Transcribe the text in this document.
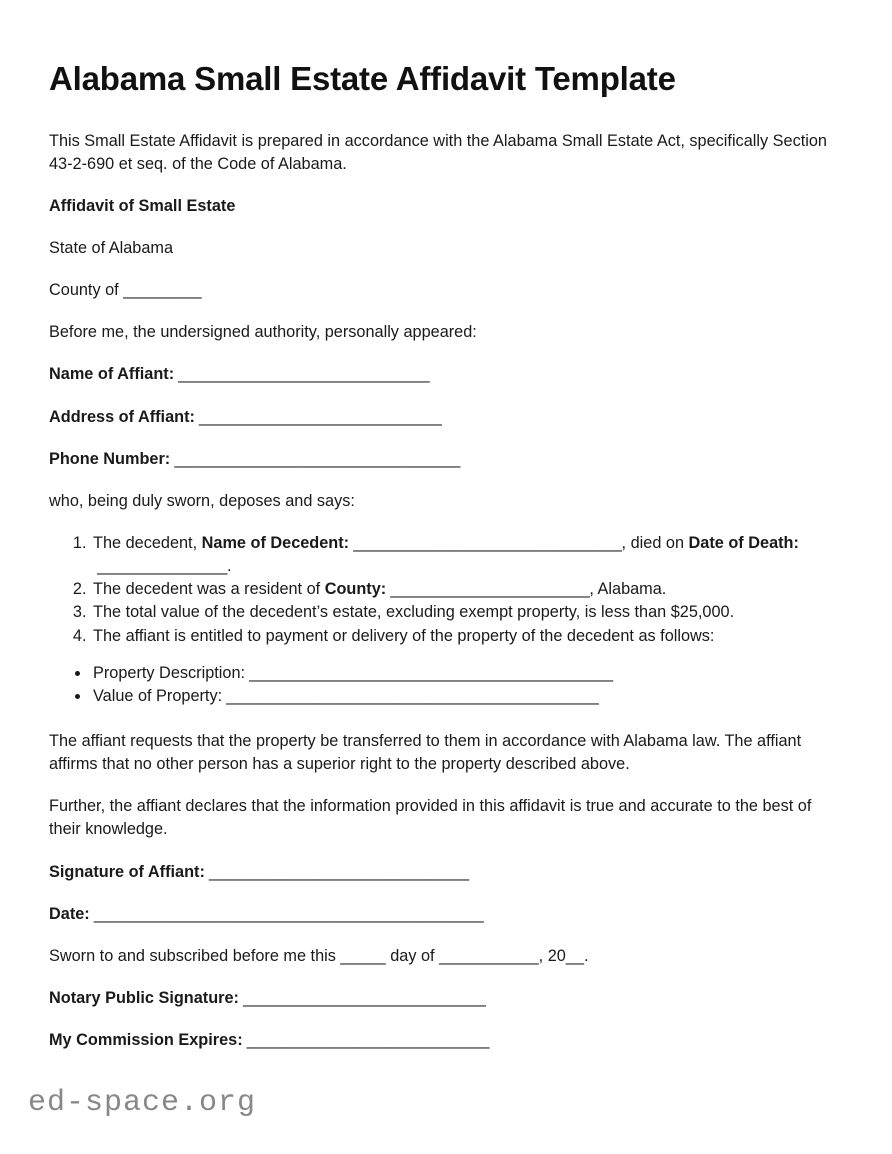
Alabama Small Estate Affidavit Template

This Small Estate Affidavit is prepared in accordance with the Alabama Small Estate Act, specifically Section 43-2-690 et seq. of the Code of Alabama.

Affidavit of Small Estate

State of Alabama

County of _________

Before me, the undersigned authority, personally appeared:

Name of Affiant: _____________________________

Address of Affiant: ____________________________

Phone Number: _________________________________

who, being duly sworn, deposes and says:

1. The decedent, Name of Decedent: _______________________________, died on Date of Death: _______________.
2. The decedent was a resident of County: _______________________, Alabama.
3. The total value of the decedent’s estate, excluding exempt property, is less than $25,000.
4. The affiant is entitled to payment or delivery of the property of the decedent as follows:
• Property Description: __________________________________________
• Value of Property: ___________________________________________

The affiant requests that the property be transferred to them in accordance with Alabama law. The affiant affirms that no other person has a superior right to the property described above.

Further, the affiant declares that the information provided in this affidavit is true and accurate to the best of their knowledge.

Signature of Affiant: ______________________________

Date: _____________________________________________

Sworn to and subscribed before me this _____ day of ___________, 20__.

Notary Public Signature: ____________________________

My Commission Expires: ____________________________

ed-space.org
